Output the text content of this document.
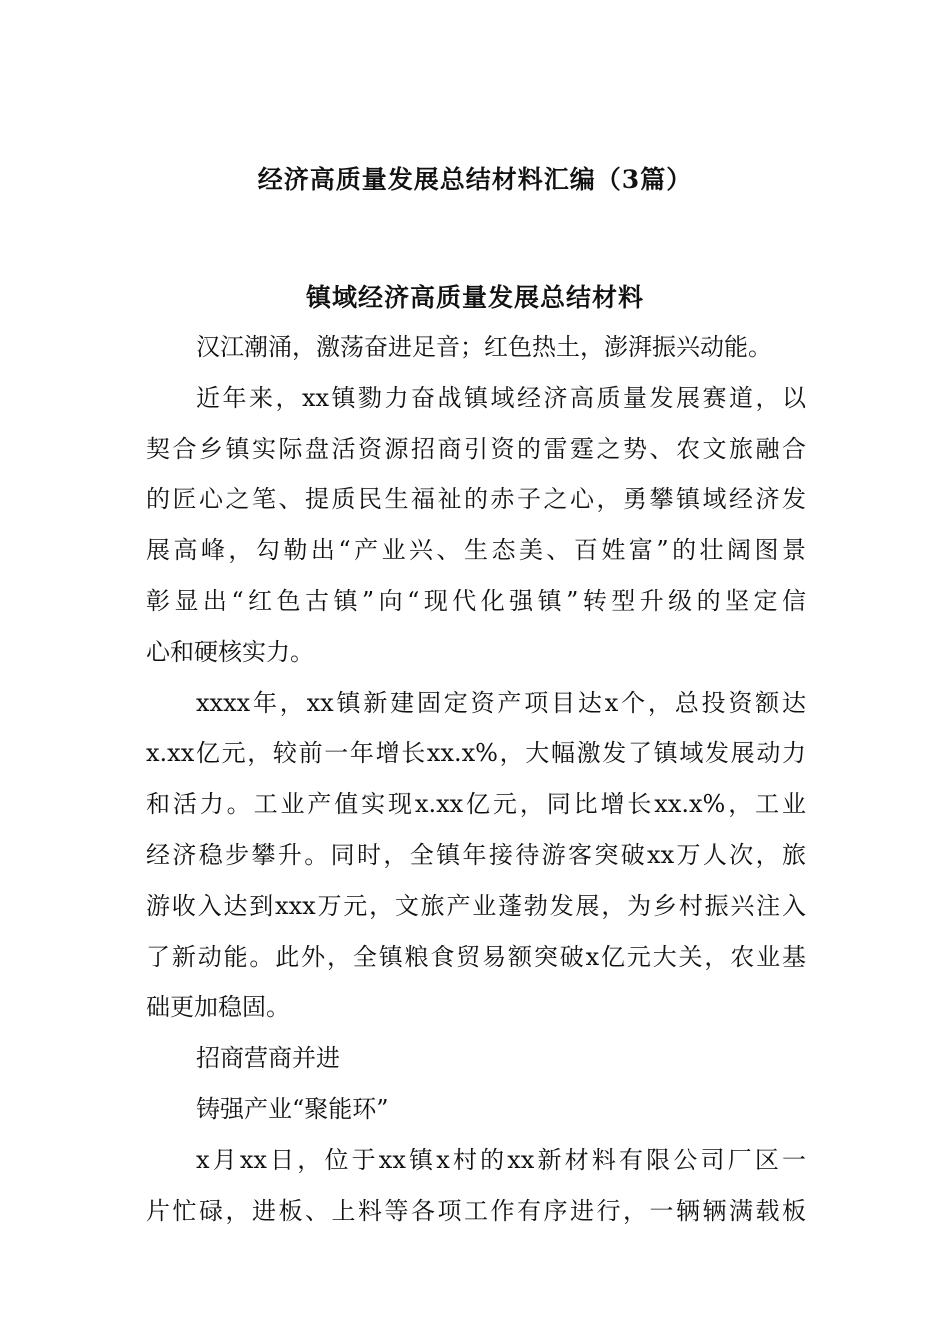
经济高质量发展总结材料汇编（3篇）
镇域经济高质量发展总结材料
汉江潮涌，激荡奋进足音；红色热土，澎湃振兴动能。
近年来，xx镇勠力奋战镇域经济高质量发展赛道，以
契合乡镇实际盘活资源招商引资的雷霆之势、农文旅融合
的匠心之笔、提质民生福祉的赤子之心，勇攀镇域经济发
展高峰，勾勒出“产业兴、生态美、百姓富”的壮阔图景
彰显出“红色古镇”向“现代化强镇”转型升级的坚定信
心和硬核实力。
xxxx年，xx镇新建固定资产项目达x个，总投资额达
x.xx亿元，较前一年增长xx.x%，大幅激发了镇域发展动力
和活力。工业产值实现x.xx亿元，同比增长xx.x%，工业
经济稳步攀升。同时，全镇年接待游客突破xx万人次，旅
游收入达到xxx万元，文旅产业蓬勃发展，为乡村振兴注入
了新动能。此外，全镇粮食贸易额突破x亿元大关，农业基
础更加稳固。
招商营商并进
铸强产业“聚能环”
x月xx日，位于xx镇x村的xx新材料有限公司厂区一
片忙碌，进板、上料等各项工作有序进行，一辆辆满载板
